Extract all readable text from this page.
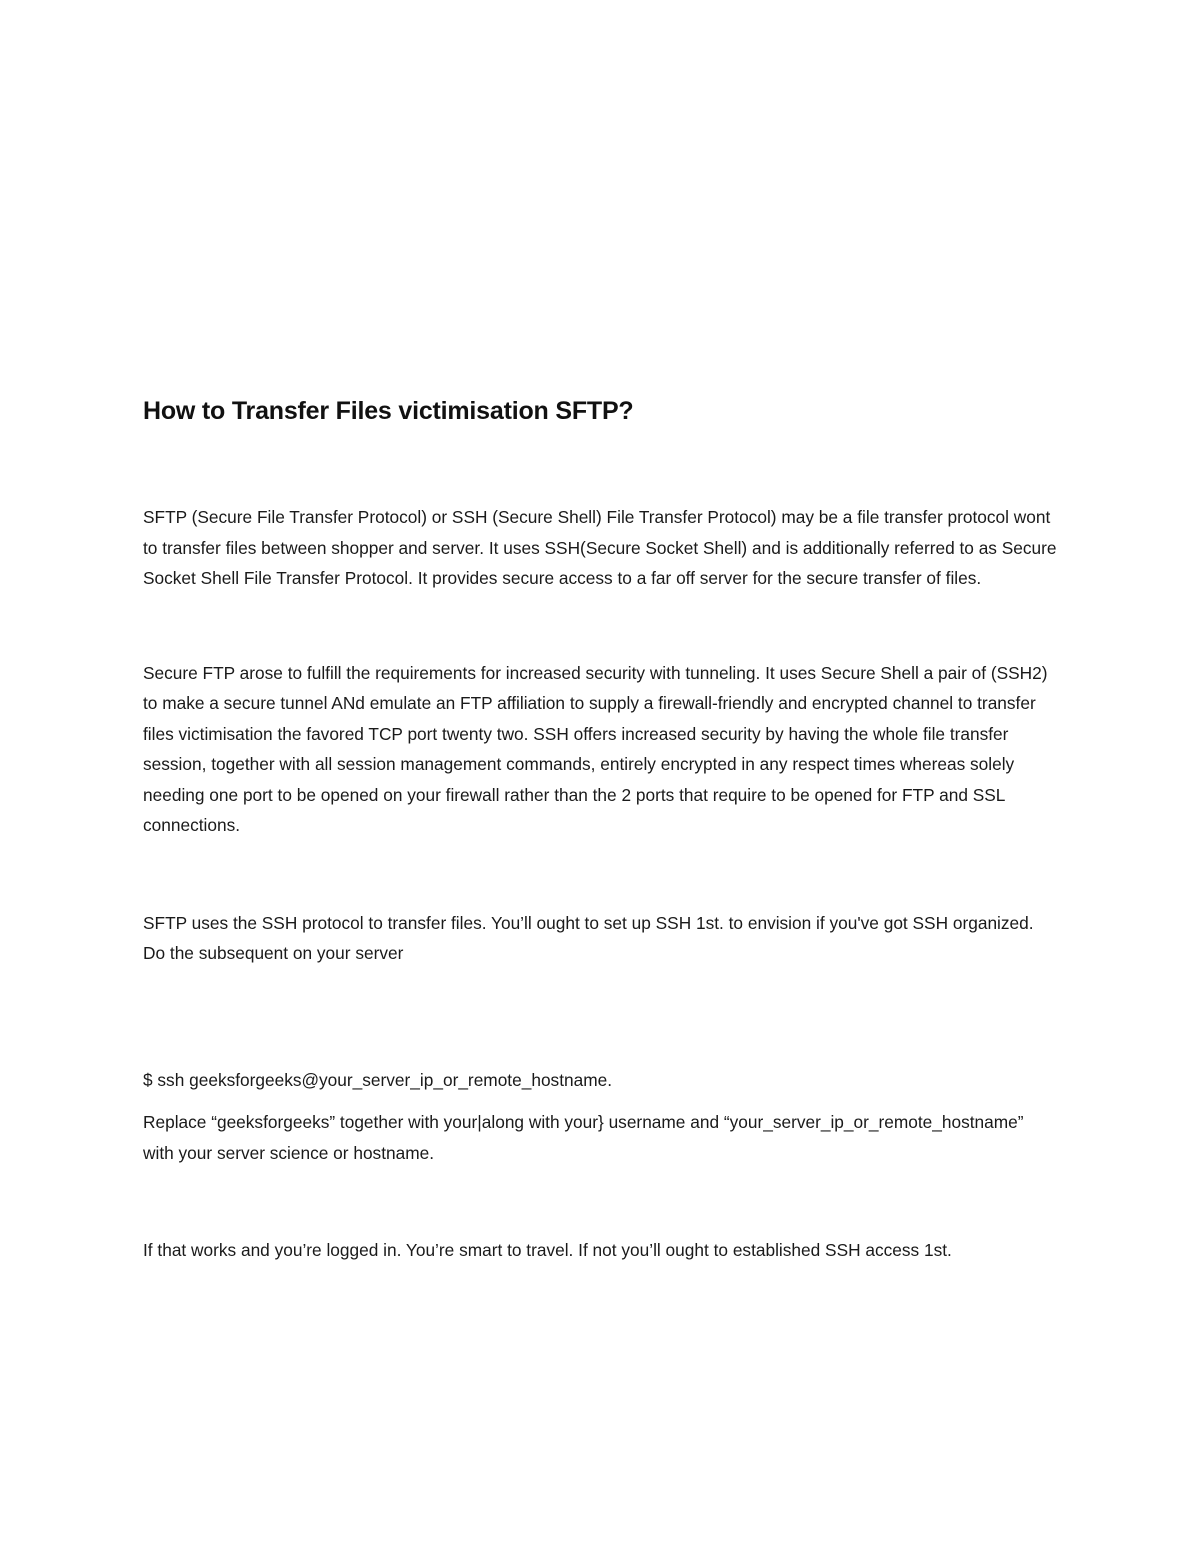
How to Transfer Files victimisation SFTP?

SFTP (Secure File Transfer Protocol) or SSH (Secure Shell) File Transfer Protocol) may be a file transfer protocol wont to transfer files between shopper and server. It uses SSH(Secure Socket Shell) and is additionally referred to as Secure Socket Shell File Transfer Protocol. It provides secure access to a far off server for the secure transfer of files.

Secure FTP arose to fulfill the requirements for increased security with tunneling. It uses Secure Shell a pair of (SSH2) to make a secure tunnel ANd emulate an FTP affiliation to supply a firewall-friendly and encrypted channel to transfer files victimisation the favored TCP port twenty two. SSH offers increased security by having the whole file transfer session, together with all session management commands, entirely encrypted in any respect times whereas solely needing one port to be opened on your firewall rather than the 2 ports that require to be opened for FTP and SSL connections.

SFTP uses the SSH protocol to transfer files. You’ll ought to set up SSH 1st. to envision if you've got SSH organized. Do the subsequent on your server

$ ssh geeksforgeeks@your_server_ip_or_remote_hostname.

Replace “geeksforgeeks” together with your|along with your} username and “your_server_ip_or_remote_hostname” with your server science or hostname.

If that works and you’re logged in. You’re smart to travel. If not you’ll ought to established SSH access 1st.
